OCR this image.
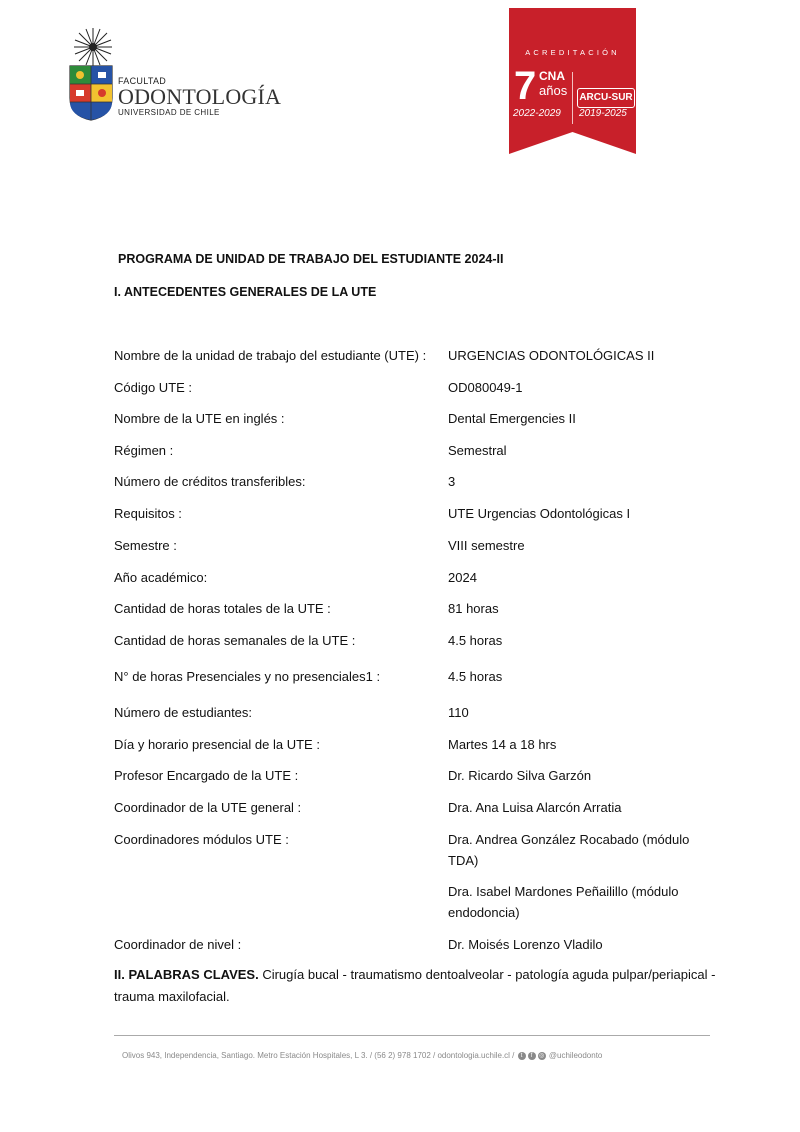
FACULTAD
ODONTOLOGÍA
UNIVERSIDAD DE CHILE
ACREDITACIÓN
7 CNA
años
2022-2029
ARCU-SUR
2019-2025
PROGRAMA DE UNIDAD DE TRABAJO DEL ESTUDIANTE 2024-II
I. ANTECEDENTES GENERALES DE LA UTE
Nombre de la unidad de trabajo del estudiante (UTE) :	URGENCIAS ODONTOLÓGICAS II
Código UTE :	OD080049-1
Nombre de la UTE en inglés :	Dental Emergencies II
Régimen :	Semestral
Número de créditos transferibles:	3
Requisitos :	UTE Urgencias Odontológicas I
Semestre :	VIII semestre
Año académico:	2024
Cantidad de horas totales de la UTE :	81 horas
Cantidad de horas semanales de la UTE :	4.5 horas
N° de horas Presenciales y no presenciales1 :	4.5 horas
Número de estudiantes:	110
Día y horario presencial de la UTE :	Martes 14 a 18 hrs
Profesor Encargado de la UTE :	Dr. Ricardo Silva Garzón
Coordinador de la UTE general :	Dra. Ana Luisa Alarcón Arratia
Coordinadores módulos UTE :	Dra. Andrea González Rocabado (módulo TDA)
Dra. Isabel Mardones Peñailillo (módulo endodoncia)
Coordinador de nivel :	Dr. Moisés Lorenzo Vladilo
II. PALABRAS CLAVES. Cirugía bucal - traumatismo dentoalveolar - patología aguda pulpar/periapical - trauma maxilofacial.
Olivos 943, Independencia, Santiago. Metro Estación Hospitales, L 3. / (56 2) 978 1702 / odontologia.uchile.cl / t f ◎ @uchileodonto
